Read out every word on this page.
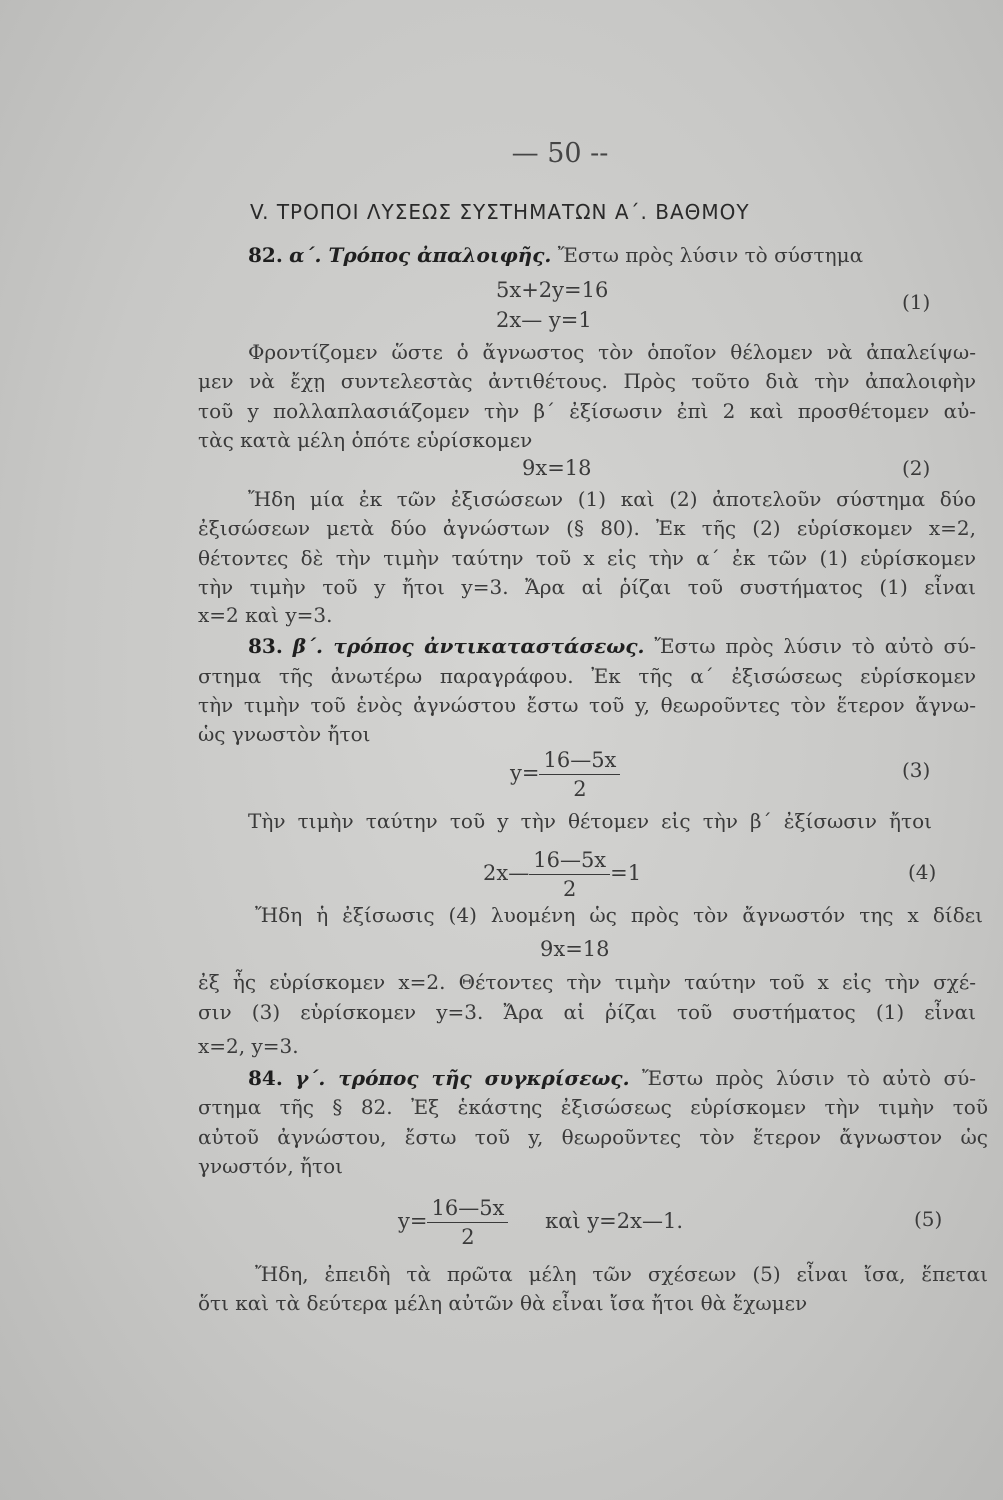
— 50 --
V. ΤΡΟΠΟΙ ΛΥΣΕΩΣ ΣΥΣΤΗΜΑΤΩΝ Α΄. ΒΑΘΜΟΥ
82. α΄. Τρόπος ἀπαλοιφῆς. Ἔστω πρὸς λύσιν τὸ σύστημα
5x+2y=16
2x— y=1
(1)
Φροντίζομεν ὥστε ὁ ἄγνωστος τὸν ὁποῖον θέλομεν νὰ ἀπαλείψω-
μεν νὰ ἔχῃ συντελεστὰς ἀντιθέτους. Πρὸς τοῦτο διὰ τὴν ἀπαλοιφὴν
τοῦ y πολλαπλασιάζομεν τὴν β΄ ἐξίσωσιν ἐπὶ 2 καὶ προσθέτομεν αὐ-
τὰς κατὰ μέλη ὁπότε εὑρίσκομεν
9x=18	(2)
Ἤδη μία ἐκ τῶν ἐξισώσεων (1) καὶ (2) ἀποτελοῦν σύστημα δύο
ἐξισώσεων μετὰ δύο ἀγνώστων (§ 80). Ἐκ τῆς (2) εὑρίσκομεν x=2,
θέτοντες δὲ τὴν τιμὴν ταύτην τοῦ x εἰς τὴν α΄ ἐκ τῶν (1) εὑρίσκομεν
τὴν τιμὴν τοῦ y ἤτοι y=3. Ἄρα αἱ ῥίζαι τοῦ συστήματος (1) εἶναι
x=2 καὶ y=3.
83. β΄. τρόπος ἀντικαταστάσεως. Ἔστω πρὸς λύσιν τὸ αὐτὸ σύ-
στημα τῆς ἀνωτέρω παραγράφου. Ἐκ τῆς α΄ ἐξισώσεως εὑρίσκομεν
τὴν τιμὴν τοῦ ἑνὸς ἀγνώστου ἔστω τοῦ y, θεωροῦντες τὸν ἕτερον ἄγνω-
ὡς γνωστὸν ἤτοι
$y= \frac{16—5x}{2}$	(3)
Τὴν τιμὴν ταύτην τοῦ y τὴν θέτομεν εἰς τὴν β΄ ἐξίσωσιν ἤτοι
2x— $\frac{16—5x}{2} =1$	(4)
Ἤδη ἡ ἐξίσωσις (4) λυομένη ὡς πρὸς τὸν ἄγνωστόν της x δίδει
9x=18
ἐξ ἧς εὑρίσκομεν x=2. Θέτοντες τὴν τιμὴν ταύτην τοῦ x εἰς τὴν σχέ-
σιν (3) εὑρίσκομεν y=3. Ἄρα αἱ ῥίζαι τοῦ συστήματος (1) εἶναι
x=2, y=3.
84. γ΄. τρόπος τῆς συγκρίσεως. Ἔστω πρὸς λύσιν τὸ αὐτὸ σύ-
στημα τῆς § 82. Ἐξ ἑκάστης ἐξισώσεως εὑρίσκομεν τὴν τιμὴν τοῦ
αὐτοῦ ἀγνώστου, ἔστω τοῦ y, θεωροῦντες τὸν ἕτερον ἄγνωστον ὡς
γνωστόν, ἤτοι
$y= \frac{16—5x}{2}$ καὶ y=2x—1.	(5)
Ἤδη, ἐπειδὴ τὰ πρῶτα μέλη τῶν σχέσεων (5) εἶναι ἴσα, ἕπεται
ὅτι καὶ τὰ δεύτερα μέλη αὐτῶν θὰ εἶναι ἴσα ἤτοι θὰ ἔχωμεν
